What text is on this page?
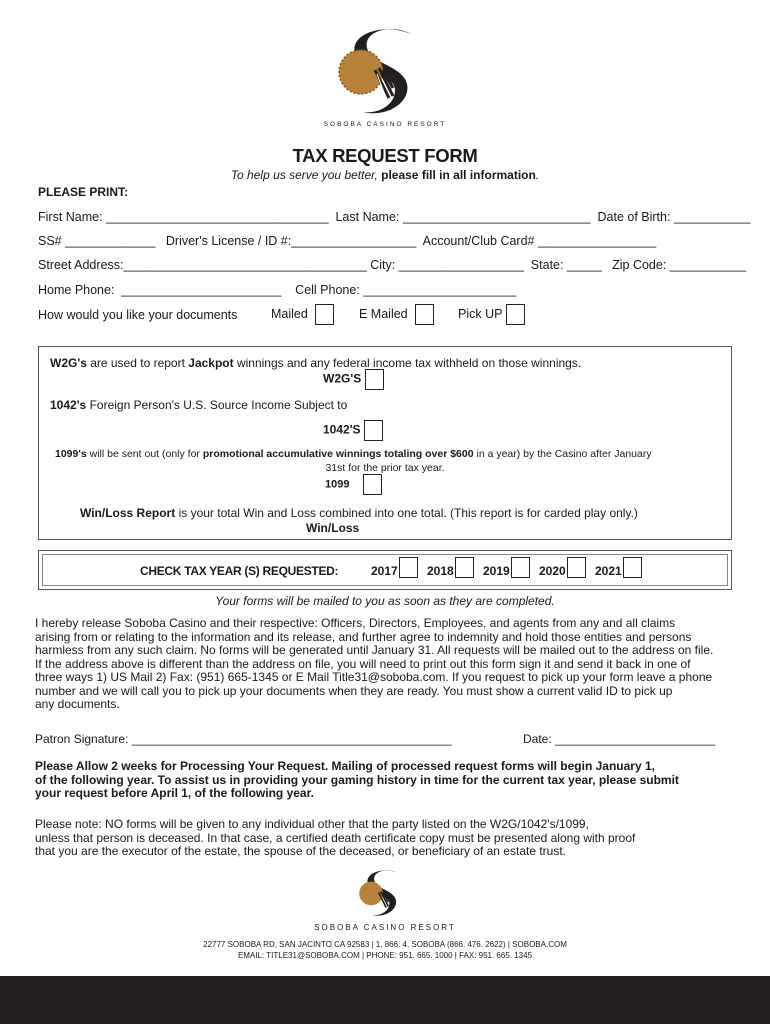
SOBOBA CASINO RESORT
TAX REQUEST FORM
To help us serve you better, please fill in all information.
PLEASE PRINT:
First Name: ________________________________  Last Name: ___________________________  Date of Birth: ___________
SS# _____________   Driver's License / ID #:__________________  Account/Club Card# _________________
Street Address:___________________________________ City: __________________  State: _____   Zip Code: ___________
Home Phone:  _______________________    Cell Phone: ______________________
How would you like your documents	Mailed	E Mailed	Pick UP
W2G's are used to report Jackpot winnings and any federal income tax withheld on those winnings.
W2G'S
1042's Foreign Person's U.S. Source Income Subject to
1042'S
1099's will be sent out (only for promotional accumulative winnings totaling over $600 in a year) by the Casino after January
31st for the prior tax year.
1099
Win/Loss Report is your total Win and Loss combined into one total. (This report is for carded play only.)
Win/Loss
CHECK TAX YEAR (S) REQUESTED:	2017 2018 2019 2020 2021
Your forms will be mailed to you as soon as they are completed.
I hereby release Soboba Casino and their respective: Officers, Directors, Employees, and agents from any and all claims
arising from or relating to the information and its release, and further agree to indemnity and hold those entities and persons
harmless from any such claim. No forms will be generated until January 31. All requests will be mailed out to the address on file.
If the address above is different than the address on file, you will need to print out this form sign it and send it back in one of
three ways 1) US Mail 2) Fax: (951) 665-1345 or E Mail Title31@soboba.com. If you request to pick up your form leave a phone
number and we will call you to pick up your documents when they are ready. You must show a current valid ID to pick up
any documents.
Patron Signature: ________________________________________________	Date: ________________________
Please Allow 2 weeks for Processing Your Request. Mailing of processed request forms will begin January 1,
of the following year. To assist us in providing your gaming history in time for the current tax year, please submit
your request before April 1, of the following year.
Please note: NO forms will be given to any individual other that the party listed on the W2G/1042's/1099,
unless that person is deceased. In that case, a certified death certificate copy must be presented along with proof
that you are the executor of the estate, the spouse of the deceased, or beneficiary of an estate trust.
SOBOBA CASINO RESORT
22777 SOBOBA RD, SAN JACINTO CA 92583 | 1. 866. 4. SOBOBA (866. 476. 2622) | SOBOBA.COM
EMAIL: TITLE31@SOBOBA.COM | PHONE: 951. 665. 1000 | FAX: 951. 665. 1345
